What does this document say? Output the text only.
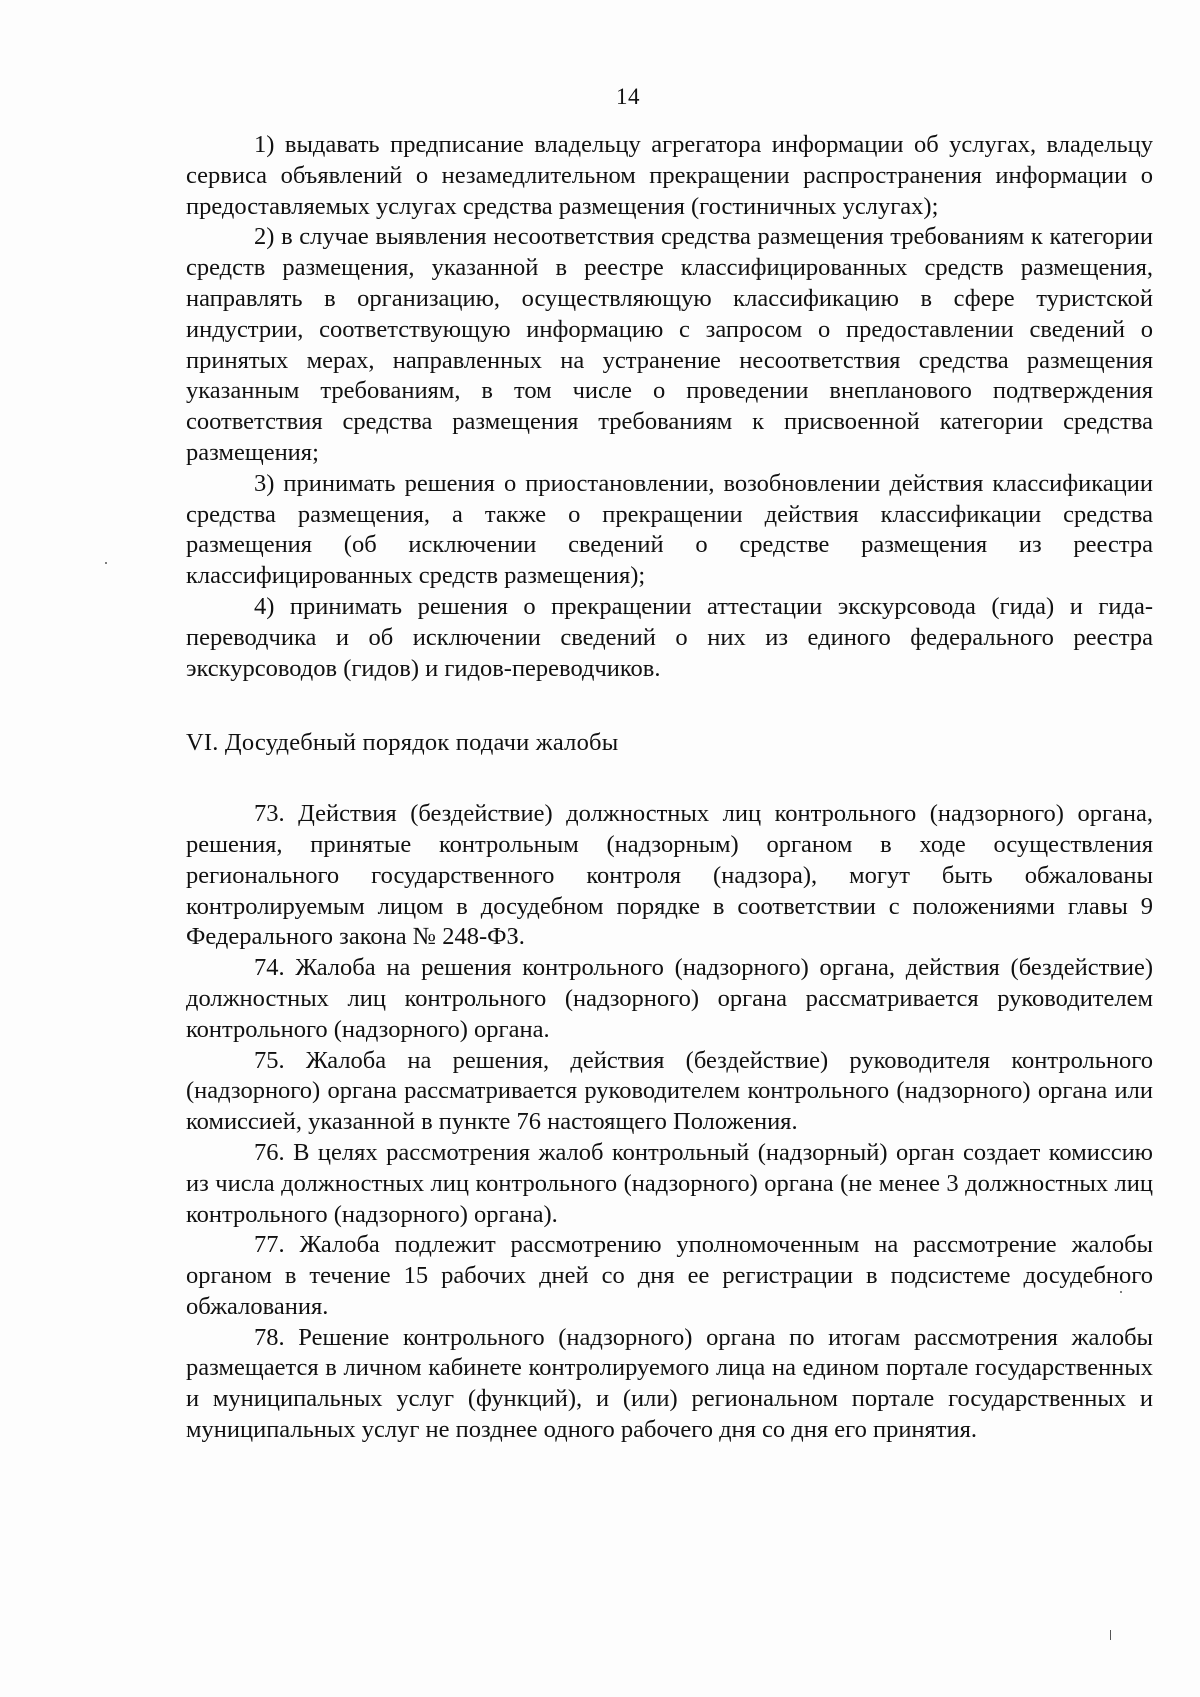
14

1) выдавать предписание владельцу агрегатора информации об услугах, владельцу сервиса объявлений о незамедлительном прекращении распространения информации о предоставляемых услугах средства размещения (гостиничных услугах);

2) в случае выявления несоответствия средства размещения требованиям к категории средств размещения, указанной в реестре классифицированных средств размещения, направлять в организацию, осуществляющую классификацию в сфере туристской индустрии, соответствующую информацию с запросом о предоставлении сведений о принятых мерах, направленных на устранение несоответствия средства размещения указанным требованиям, в том числе о проведении внепланового подтверждения соответствия средства размещения требованиям к присвоенной категории средства размещения;

3) принимать решения о приостановлении, возобновлении действия классификации средства размещения, а также о прекращении действия классификации средства размещения (об исключении сведений о средстве размещения из реестра классифицированных средств размещения);

4) принимать решения о прекращении аттестации экскурсовода (гида) и гида-переводчика и об исключении сведений о них из единого федерального реестра экскурсоводов (гидов) и гидов-переводчиков.

VI. Досудебный порядок подачи жалобы

73. Действия (бездействие) должностных лиц контрольного (надзорного) органа, решения, принятые контрольным (надзорным) органом в ходе осуществления регионального государственного контроля (надзора), могут быть обжалованы контролируемым лицом в досудебном порядке в соответствии с положениями главы 9 Федерального закона № 248-ФЗ.

74. Жалоба на решения контрольного (надзорного) органа, действия (бездействие) должностных лиц контрольного (надзорного) органа рассматривается руководителем контрольного (надзорного) органа.

75. Жалоба на решения, действия (бездействие) руководителя контрольного (надзорного) органа рассматривается руководителем контрольного (надзорного) органа или комиссией, указанной в пункте 76 настоящего Положения.

76. В целях рассмотрения жалоб контрольный (надзорный) орган создает комиссию из числа должностных лиц контрольного (надзорного) органа (не менее 3 должностных лиц контрольного (надзорного) органа).

77. Жалоба подлежит рассмотрению уполномоченным на рассмотрение жалобы органом в течение 15 рабочих дней со дня ее регистрации в подсистеме досудебного обжалования.

78. Решение контрольного (надзорного) органа по итогам рассмотрения жалобы размещается в личном кабинете контролируемого лица на едином портале государственных и муниципальных услуг (функций), и (или) региональном портале государственных и муниципальных услуг не позднее одного рабочего дня со дня его принятия.
